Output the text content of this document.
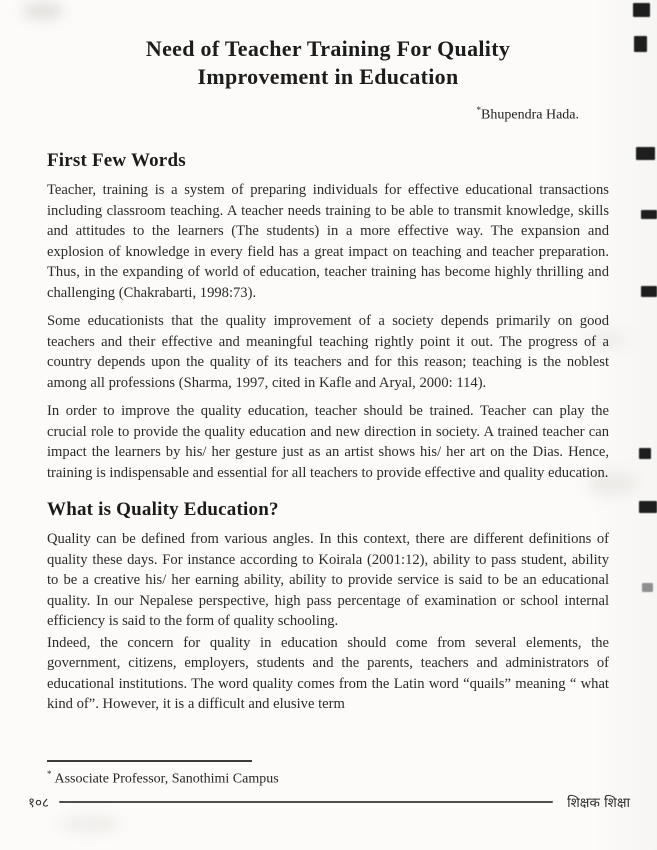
Need of Teacher Training For Quality
Improvement in Education
*Bhupendra Hada.
First Few Words

Teacher, training is a system of preparing individuals for effective educational transactions including classroom teaching. A teacher needs training to be able to transmit knowledge, skills and attitudes to the learners (The students) in a more effective way. The expansion and explosion of knowledge in every field has a great impact on teaching and teacher preparation. Thus, in the expanding of world of education, teacher training has become highly thrilling and challenging (Chakrabarti, 1998:73).

Some educationists that the quality improvement of a society depends primarily on good teachers and their effective and meaningful teaching rightly point it out. The progress of a country depends upon the quality of its teachers and for this reason; teaching is the noblest among all professions (Sharma, 1997, cited in Kafle and Aryal, 2000: 114).

In order to improve the quality education, teacher should be trained. Teacher can play the crucial role to provide the quality education and new direction in society. A trained teacher can impact the learners by his/ her gesture just as an artist shows his/ her art on the Dias. Hence, training is indispensable and essential for all teachers to provide effective and quality education.

What is Quality Education?

Quality can be defined from various angles. In this context, there are different definitions of quality these days. For instance according to Koirala (2001:12), ability to pass student, ability to be a creative his/ her earning ability, ability to provide service is said to be an educational quality. In our Nepalese perspective, high pass percentage of examination or school internal efficiency is said to the form of quality schooling.

Indeed, the concern for quality in education should come from several elements, the government, citizens, employers, students and the parents, teachers and administrators of educational institutions. The word quality comes from the Latin word “quails” meaning “ what kind of”. However, it is a difficult and elusive term

* Associate Professor, Sanothimi Campus
१०८	शिक्षक शिक्षा
